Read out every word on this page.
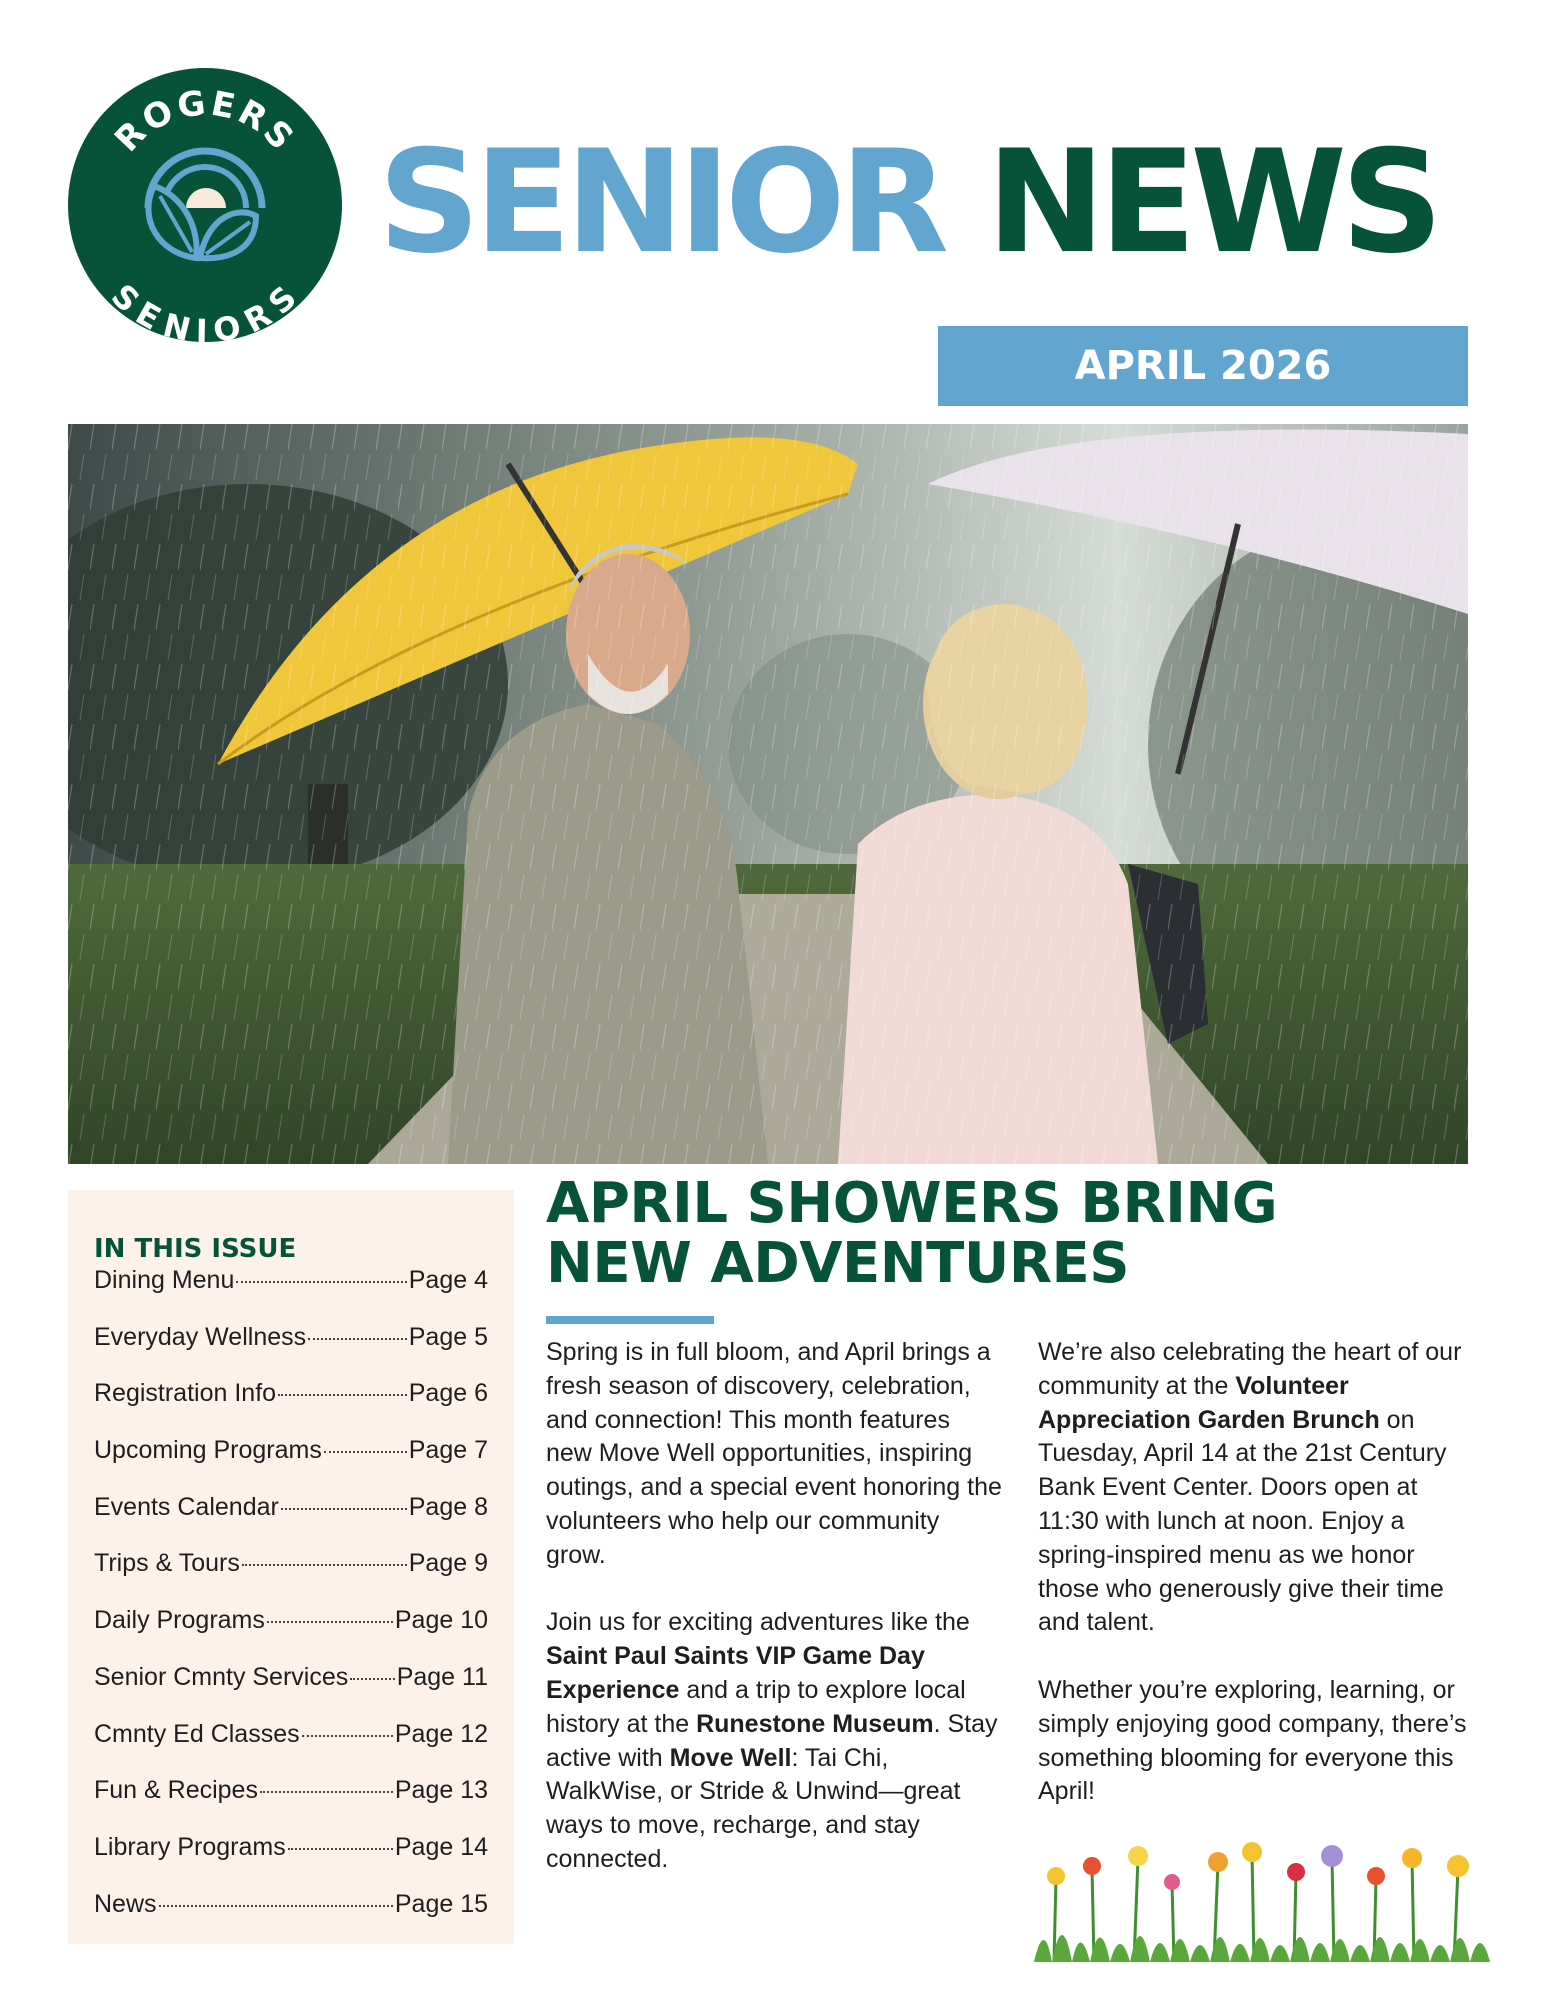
ROGERS
SENIORS
SENIOR NEWS
APRIL 2026
IN THIS ISSUE
Dining Menu	Page 4
Everyday Wellness	Page 5
Registration Info	Page 6
Upcoming Programs	Page 7
Events Calendar	Page 8
Trips & Tours	Page 9
Daily Programs	Page 10
Senior Cmnty Services Page 11
Cmnty Ed Classes	Page 12
Fun & Recipes	Page 13
Library Programs	Page 14
News	Page 15
APRIL SHOWERS BRING
NEW ADVENTURES

Spring is in full bloom, and April brings a fresh season of discovery, celebration, and connection! This month features new Move Well opportunities, inspiring outings, and a special event honoring the volunteers who help our community grow.

Join us for exciting adventures like the Saint Paul Saints VIP Game Day Experience and a trip to explore local history at the Runestone Museum. Stay active with Move Well: Tai Chi, WalkWise, or Stride & Unwind—great ways to move, recharge, and stay connected.

We’re also celebrating the heart of our community at the Volunteer Appreciation Garden Brunch on Tuesday, April 14 at the 21st Century Bank Event Center. Doors open at 11:30 with lunch at noon. Enjoy a spring-inspired menu as we honor those who generously give their time and talent.

Whether you’re exploring, learning, or simply enjoying good company, there’s something blooming for everyone this April!
